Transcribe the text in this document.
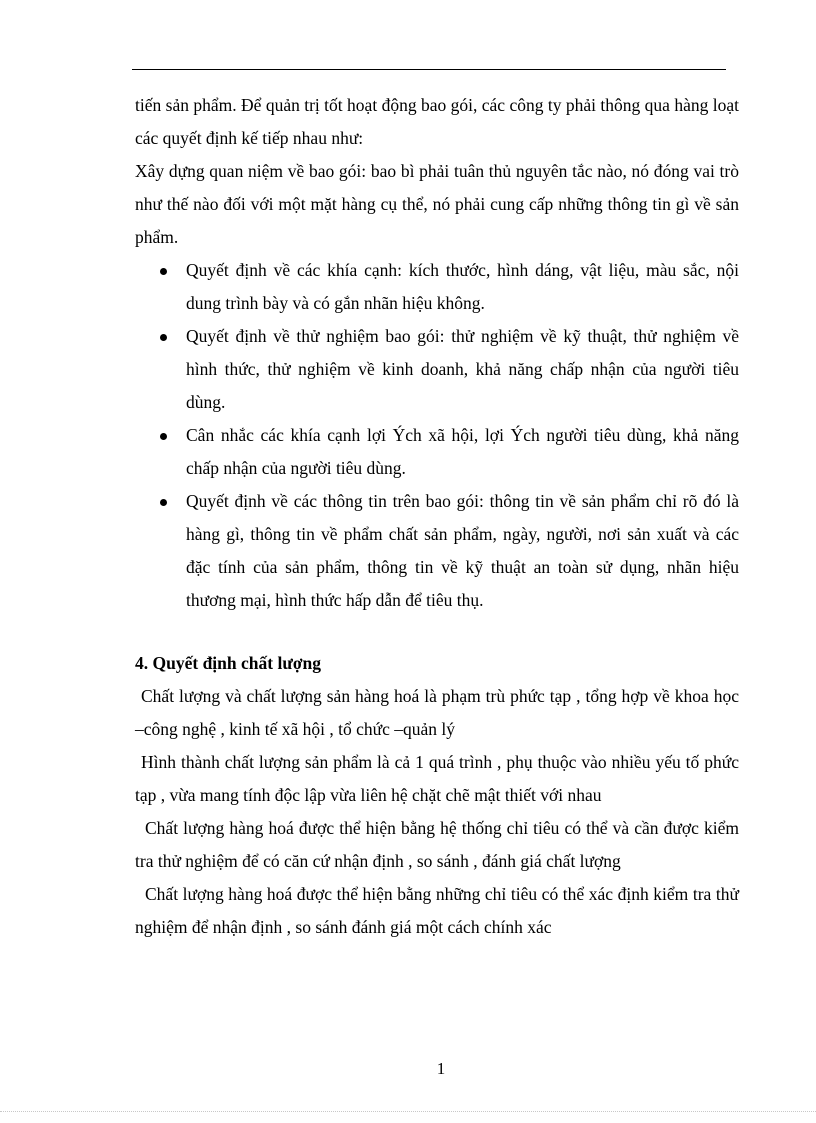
tiến sản phẩm. Để quản trị tốt hoạt động bao gói, các công ty phải thông qua hàng loạt các quyết định kế tiếp nhau như:

Xây dựng quan niệm về bao gói: bao bì phải tuân thủ nguyên tắc nào, nó đóng vai trò như thế nào đối với một mặt hàng cụ thể, nó phải cung cấp những thông tin gì về sản phẩm.

Quyết định về các khía cạnh: kích thước, hình dáng, vật liệu, màu sắc, nội dung trình bày và có gắn nhãn hiệu không.
Quyết định về thử nghiệm bao gói: thử nghiệm về kỹ thuật, thử nghiệm về hình thức, thử nghiệm về kinh doanh, khả năng chấp nhận của người tiêu dùng.
Cân nhắc các khía cạnh lợi Ých xã hội, lợi Ých người tiêu dùng, khả năng chấp nhận của người tiêu dùng.
Quyết định về các thông tin trên bao gói: thông tin về sản phẩm chỉ rõ đó là hàng gì, thông tin về phẩm chất sản phẩm, ngày, người, nơi sản xuất và các đặc tính của sản phẩm, thông tin về kỹ thuật an toàn sử dụng, nhãn hiệu thương mại, hình thức hấp dẫn để tiêu thụ.
4. Quyết định chất lượng

Chất lượng và chất lượng sản hàng hoá là phạm trù phức tạp , tổng hợp về khoa học –công nghệ , kinh tế xã hội , tổ chức –quản lý

Hình thành chất lượng sản phẩm là cả 1 quá trình , phụ thuộc vào nhiều yếu tố phức tạp , vừa mang tính độc lập vừa liên hệ chặt chẽ mật thiết với nhau

Chất lượng hàng hoá được thể hiện bằng hệ thống chỉ tiêu có thể và cần được kiểm tra thử nghiệm để có căn cứ nhận định , so sánh , đánh giá chất lượng

Chất lượng hàng hoá được thể hiện bằng những chỉ tiêu có thể xác định kiểm tra thử nghiệm để nhận định , so sánh đánh giá một cách chính xác

1
